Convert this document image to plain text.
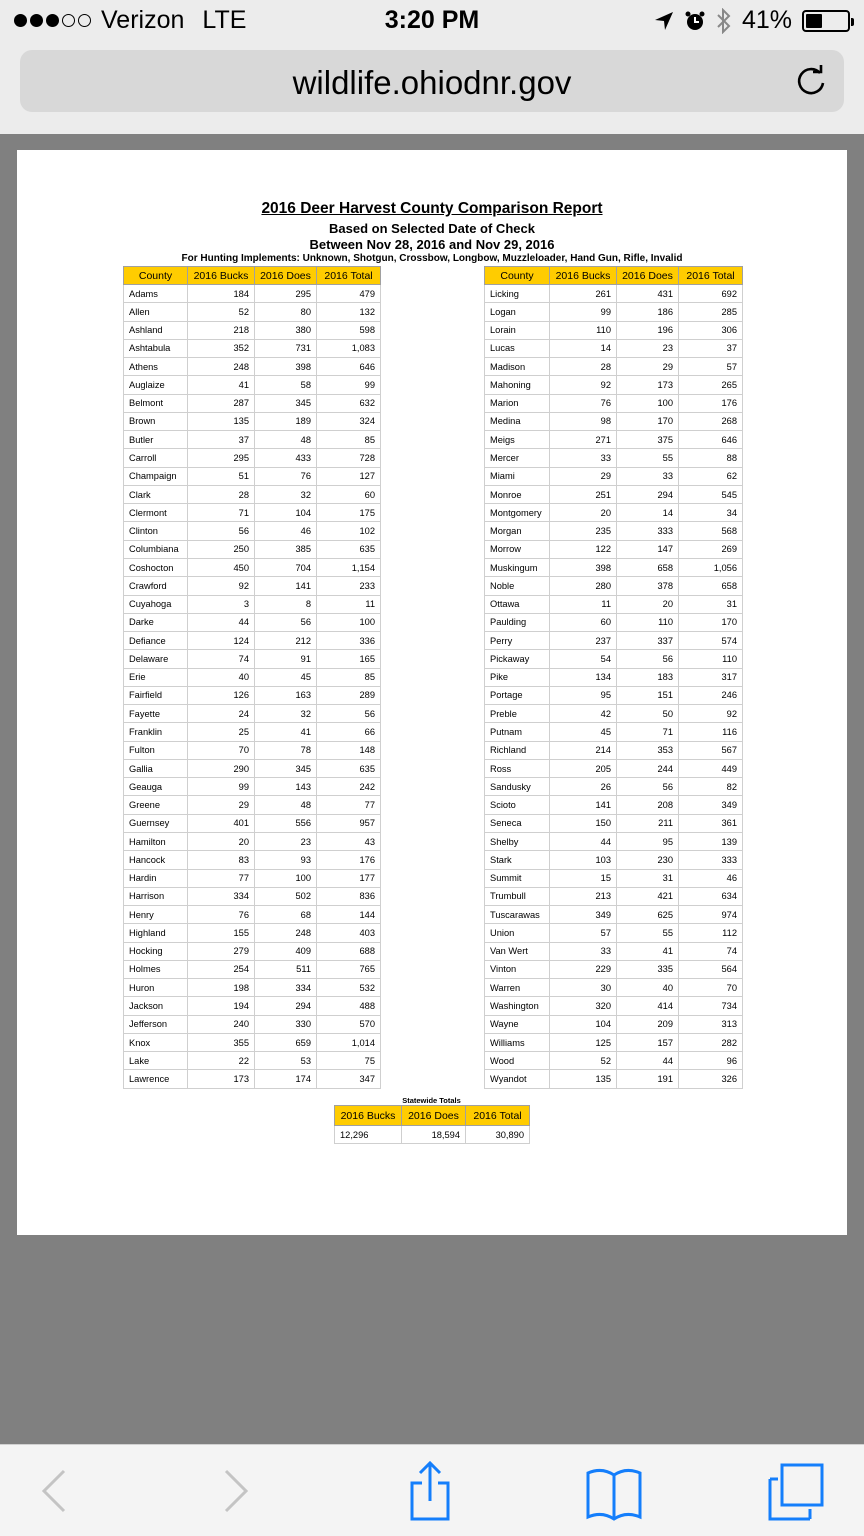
Verizon LTE	3:20 PM	41%
wildlife.ohiodnr.gov
2016 Deer Harvest County Comparison Report
Based on Selected Date of Check
Between Nov 28, 2016 and Nov 29, 2016
For Hunting Implements: Unknown, Shotgun, Crossbow, Longbow, Muzzleloader, Hand Gun, Rifle, Invalid
County	2016 Bucks	2016 Does	2016 Total
Adams	184	295	479
Allen	52	80	132
Ashland	218	380	598
Ashtabula	352	731	1,083
Athens	248	398	646
Auglaize	41	58	99
Belmont	287	345	632
Brown	135	189	324
Butler	37	48	85
Carroll	295	433	728
Champaign	51	76	127
Clark	28	32	60
Clermont	71	104	175
Clinton	56	46	102
Columbiana	250	385	635
Coshocton	450	704	1,154
Crawford	92	141	233
Cuyahoga	3	8	11
Darke	44	56	100
Defiance	124	212	336
Delaware	74	91	165
Erie	40	45	85
Fairfield	126	163	289
Fayette	24	32	56
Franklin	25	41	66
Fulton	70	78	148
Gallia	290	345	635
Geauga	99	143	242
Greene	29	48	77
Guernsey	401	556	957
Hamilton	20	23	43
Hancock	83	93	176
Hardin	77	100	177
Harrison	334	502	836
Henry	76	68	144
Highland	155	248	403
Hocking	279	409	688
Holmes	254	511	765
Huron	198	334	532
Jackson	194	294	488
Jefferson	240	330	570
Knox	355	659	1,014
Lake	22	53	75
Lawrence	173	174	347
County	2016 Bucks	2016 Does	2016 Total
Licking	261	431	692
Logan	99	186	285
Lorain	110	196	306
Lucas	14	23	37
Madison	28	29	57
Mahoning	92	173	265
Marion	76	100	176
Medina	98	170	268
Meigs	271	375	646
Mercer	33	55	88
Miami	29	33	62
Monroe	251	294	545
Montgomery	20	14	34
Morgan	235	333	568
Morrow	122	147	269
Muskingum	398	658	1,056
Noble	280	378	658
Ottawa	11	20	31
Paulding	60	110	170
Perry	237	337	574
Pickaway	54	56	110
Pike	134	183	317
Portage	95	151	246
Preble	42	50	92
Putnam	45	71	116
Richland	214	353	567
Ross	205	244	449
Sandusky	26	56	82
Scioto	141	208	349
Seneca	150	211	361
Shelby	44	95	139
Stark	103	230	333
Summit	15	31	46
Trumbull	213	421	634
Tuscarawas	349	625	974
Union	57	55	112
Van Wert	33	41	74
Vinton	229	335	564
Warren	30	40	70
Washington	320	414	734
Wayne	104	209	313
Williams	125	157	282
Wood	52	44	96
Wyandot	135	191	326
Statewide Totals
2016 Bucks	2016 Does	2016 Total
12,296	18,594	30,890
